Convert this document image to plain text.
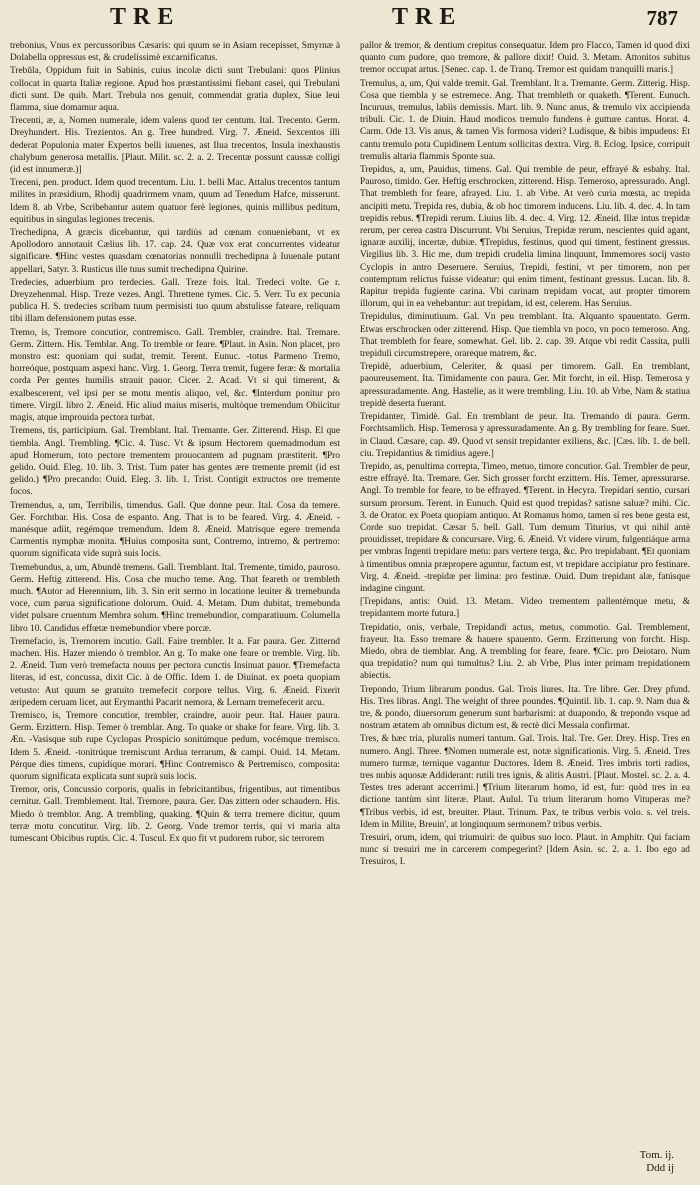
TRE	TRE	787

trebonius, Vnus ex percussoribus Cæsaris: qui quum se in Asiam recepisset, Smyrnæ à Dolabella oppressus est, & crudelissimè excarnificatus.

Trebŭla, Oppidum fuit in Sabinis, cuius incolæ dicti sunt Trebulani: quos Plinius collocat in quarta Italiæ regione. Apud hos præstantissimi fiebant casei, qui Trebulani dicti sunt. De quib. Mart. Trebula nos genuit, commendat gratia duplex, Siue leui flamma, siue domamur aqua.

Trecenti, æ, a, Nomen numerale, idem valens quod ter centum. Ital. Trecento. Germ. Dreyhundert. His. Trezientos. An g. Tree hundred. Virg. 7. Æneid. Sexcentos illi dederat Populonia mater Expertos belli iuuenes, ast Ilua trecentos, Insula inexhaustis chalybum generosa metallis. [Plaut. Milit. sc. 2. a. 2. Trecentæ possunt caussæ colligi (id est innumeræ.)]

Treceni, pen. product. Idem quod trecentum. Liu. 1. belli Mac. Attalus trecentos tantum milites in præsidium, Rhodij quadrirmem vnam, quum ad Tenedum Hafce, misserunt. Idem 8. ab Vrbe, Scribebantur autem quatuor ferè legiones, quinis millibus peditum, equitibus in singulas legiones trecenis.

Trechedipna, A græcis dicebantur, qui tardiùs ad cœnam conueniebant, vt ex Apollodoro annotauit Cælius lib. 17. cap. 24. Quæ vox erat concurrentes videatur significare. ¶Hinc vestes quasdam cœnatorias nonnulli trechedipna à Iuuenale putant appellari, Satyr. 3. Rusticus ille tuus sumit trechedipna Quirine.

Tredecies, aduerbium pro terdecies. Gall. Treze fois. Ital. Tredeci volte. Ge r. Dreyzehenmal. Hisp. Treze vezes. Angl. Threttene tymes. Cic. 5. Verr. Tu ex pecunia publica H. S. tredecies scribam tuum permisisti tuo quum abstulisse fateare, reliquam tibi illam defensionem putas esse.

Tremo, is, Tremore concutior, contremisco. Gall. Trembler, craindre. Ital. Tremare. Germ. Zittern. His. Temblar. Ang. To tremble or feare. ¶Plaut. in Asin. Non placet, pro monstro est: quoniam qui sudat, tremit. Terent. Eunuc. -totus Parmeno Tremo, horreóque, postquam aspexi hanc. Virg. 1. Georg. Terra tremit, fugere feræ: & mortalia corda Per gentes humilis strauit pauor. Cicer. 2. Acad. Vt si qui timerent, & exalbescerent, vel ipsi per se motu mentis aliquo, vel, &c. ¶Interdum ponitur pro timere. Virgil. libro 2. Æneid. Hic aliud maius miseris, multòque tremendum Obiicitur magis, atque improuida pectora turbat.

Tremens, tis, participium. Gal. Tremblant. Ital. Tremante. Ger. Zitterend. Hisp. El que tiembla. Angl. Trembling. ¶Cic. 4. Tusc. Vt & ipsum Hectorem quemadmodum est apud Homerum, toto pectore trementem prouocantem ad pugnam præstiterit. ¶Pro gelido. Ouid. Eleg. 10. lib. 3. Trist. Tum pater has gentes ære tremente premit (id est gelido.) ¶Pro precando: Ouid. Eleg. 3. lib. 1. Trist. Contigit extructos ore tremente focos.

Tremendus, a, um, Terribilis, timendus. Gall. Que donne peur. Ital. Cosa da temere. Ger. Forchtbar. His. Cosa de espanto. Ang. That is to be feared. Virg. 4. Æneid. -manésque adiit, regémque tremendum. Idem 8. Æneid. Matrísque egere tremenda Carmentis nymphæ monita. ¶Huius composita sunt, Contremo, intremo, & pertremo: quorum significata vide suprà suis locis.

Tremebundus, a, um, Abundè tremens. Gall. Tremblant. Ital. Tremente, timido, pauroso. Germ. Heftig zitterend. His. Cosa che mucho teme. Ang. That feareth or trembleth much. ¶Autor ad Herennium, lib. 3. Sin erit sermo in locatione leuiter & tremebunda voce, cum parua significatione dolorum. Ouid. 4. Metam. Dum dubitat, tremebunda videt pulsare cruentum Membra solum. ¶Hinc tremebundior, comparatiuum. Columella libro 10. Candidus effœtæ tremebundior vbere porcæ.

Tremefacio, is, Tremorem incutio. Gall. Faire trembler. It a. Far paura. Ger. Zitternd machen. His. Hazer miendo ò tremblor. An g. To make one feare or tremble. Virg. lib. 2. Æneid. Tum verò tremefacta nouus per pectora cunctis Insinuat pauor. ¶Tremefacta literas, id est, concussa, dixit Cic. à de Offic. Idem 1. de Diuinat. ex poeta quopiam vetusto: Aut quum se gratuito tremefecit corpore tellus. Virg. 6. Æneid. Fixerit æripedem ceruam licet, aut Erymanthi Pacarit nemora, & Lernam tremefecerit arcu.

Tremisco, is, Tremore concutior, trembler, craindre, auoir peur. Ital. Hauer paura. Germ. Erzittern. Hisp. Temer ò tremblar. Ang. To quake or shake for feare. Virg. lib. 3. Æn. -Vasisque sub rupe Cyclopas Prospicio sonitúmque pedum, vocémque tremisco. Idem 5. Æneid. -tonitrúque tremiscunt Ardua terrarum, & campi. Ouid. 14. Metam. Pérque dies timens, cupidíque morari. ¶Hinc Contremisco & Pertremisco, composita: quorum significata explicata sunt suprà suis locis.

Tremor, oris, Concussio corporis, qualis in febricitantibus, frigentibus, aut timentibus cernitur. Gall. Tremblement. Ital. Tremore, paura. Ger. Das zittern oder schaudern. His. Miedo ò tremblor. Ang. A trembling, quaking. ¶Quin & terra tremere dicitur, quum terræ motu concutitur. Virg. lib. 2. Georg. Vnde tremor terris, qui vi maria alta tumescant Obicibus ruptis. Cic. 4. Tuscul. Ex quo fit vt pudorem rubor, sic terrorem

pallor & tremor, & dentium crepitus consequatur. Idem pro Flacco, Tamen id quod dixi quanto cum pudore, quo tremore, & pallore dixit! Ouid. 3. Metam. Attonitos subitus tremor occupat artus. [Senec. cap. 1. de Tranq. Tremor est quidam tranquilli maris.]

Tremulus, a, um, Qui valde tremit. Gal. Tremblant. It a. Tremante. Germ. Zitterig. Hisp. Cosa que tiembla y se estremece. Ang. That trembleth or quaketh. ¶Terent. Eunuch. Incuruus, tremulus, labiis demissis. Mart. lib. 9. Nunc anus, & tremulo vix accipienda tribuli. Cic. 1. de Diuin. Haud modicos tremulo fundens è gutture cantus. Horat. 4. Carm. Ode 13. Vis anus, & tamen Vis formosa videri? Ludisque, & bibis impudens: Et cantu tremulo pota Cupidinem Lentum sollicitas dextra. Virg. 8. Eclog. Ipsice, corripuit tremulis altaria flammis Sponte sua.

Trepidus, a, um, Pauidus, timens. Gal. Qui tremble de peur, effrayé & esbahy. Ital. Pauroso, timido. Ger. Heftig erschrocken, zitterend. Hisp. Temeroso, apressurado. Angl. That trembleth for feare, afrayed. Liu. 1. ab Vrbe. At verò curia mœsta, ac trepida ancipiti metu. Trepida res, dubia, & ob hoc timorem inducens. Liu. lib. 4. dec. 4. In tam trepidis rebus. ¶Trepidi rerum. Liuius lib. 4. dec. 4. Virg. 12. Æneid. Illæ intus trepidæ rerum, per cerea castra Discurrunt. Vbi Seruius, Trepidæ rerum, nescientes quid agant, ignaræ auxilij, incertæ, dubiæ. ¶Trepidus, festinus, quod qui timent, festinent gressus. Virgilius lib. 3. Hic me, dum trepidi crudelia limina linquunt, Immemores socij vasto Cyclopis in antro Deseruere. Seruius, Trepidi, festini, vt per timorem, non per contemptum relictus fuisse videatur: qui enim timent, festinant gressus. Lucan. lib. 8. Rapitur trepida fugiente carina. Vbi carinam trepidam vocat, aut propter timorem illorum, qui in ea vehebantur: aut trepidam, id est, celerem. Has Seruius.

Trepidulus, diminutiuum. Gal. Vn peu tremblant. Ita. Alquanto spauentato. Germ. Etwas erschrocken oder zitterend. Hisp. Que tiembla vn poco, vn poco temeroso. Ang. That trembleth for feare, somewhat. Gel. lib. 2. cap. 39. Atque vbi redit Cassita, pulli trepiduli circumstrepere, orareque matrem, &c.

Trepidè, aduerbium, Celeriter, & quasi per timorem. Gall. En tremblant, paoureusement. Ita. Timidamente con paura. Ger. Mit forcht, in eil. Hisp. Temerosa y apressuradamente. Ang. Hastelie, as it were trembling. Liu. 10. ab Vrbe, Nam & statiua trepidè deserta fuerant.

Trepidanter, Timidè. Gal. En tremblant de peur. Ita. Tremando di paura. Germ. Forchtsamlich. Hisp. Temerosa y apressuradamente. An g. By trembling for feare. Suet. in Claud. Cæsare, cap. 49. Quod vt sensit trepidanter exiliens, &c. [Cæs. lib. 1. de bell. ciu. Trepidantius & timidius agere.]

Trepido, as, penultima correpta, Timeo, metuo, timore concutior. Gal. Trembler de peur, estre effrayé. Ita. Tremare. Ger. Sich grosser forcht erzittern. His. Temer, apressurarse. Angl. To tremble for feare, to be effrayed. ¶Terent. in Hecyra. Trepidari sentio, cursari sursum prorsum. Terent. in Eunuch. Quid est quod trepidas? satisne saluæ? mihi. Cic. 3. de Orator. ex Poeta quopiam antiquo. At Romanus homo, tamen si res bene gesta est, Corde suo trepidat. Cæsar 5. bell. Gall. Tum demum Titurius, vt qui nihil antè prouidisset, trepidare & concursare. Virg. 6. Æneid. Vt videre virum, fulgentiáque arma per vmbras Ingenti trepidare metu: pars vertere terga, &c. Pro trepidabant. ¶Et quoniam à timentibus omnia præpropere aguntur, factum est, vt trepidare accipiatur pro festinare. Virg. 4. Æneid. -trepidæ per limina: pro festinæ. Ouid. Dum trepidant alæ, fatúsque indagine cingunt.

[Trepidans, antis: Ouid. 13. Metam. Video trementem pallentémque metu, & trepidantem morte futura.]

Trepidatio, onis, verbale, Trepidandi actus, metus, commotio. Gal. Tremblement, frayeur. Ita. Esso tremare & hauere spauento. Germ. Erzitterung von forcht. Hisp. Miedo, obra de tiemblar. Ang. A trembling for feare, feare. ¶Cic. pro Deiotaro. Num qua trepidatio? num qui tumultus? Liu. 2. ab Vrbe, Plus inter primam trepidationem abiectis.

Trepondo, Trium librarum pondus. Gal. Trois liures. Ita. Tre libre. Ger. Drey pfund. His. Tres libras. Angl. The weight of three poundes. ¶Quintil. lib. 1. cap. 9. Nam dua & tre, & pondo, diuersorum generum sunt barbarismi: at duapondo, & trepondo vsque ad nostram ætatem ab omnibus dictum est, & rectè dici Messala confirmat.

Tres, & hæc tria, pluralis numeri tantum. Gal. Trois. Ital. Tre. Ger. Drey. Hisp. Tres en numero. Angl. Three. ¶Nomen numerale est, notæ significationis. Virg. 5. Æneid. Tres numero turmæ, ternique vagantur Ductores. Idem 8. Æneid. Tres imbris torti radios, tres nubis aquosæ Addiderant: rutili tres ignis, & alitis Austri. [Plaut. Mostel. sc. 2. a. 4. Testes tres aderant accerrimi.] ¶Trium literarum homo, id est, fur: quòd tres in ea dictione tantùm sint literæ. Plaut. Aulul. Tu trium literarum homo Vituperas me? ¶Tribus verbis, id est, breuiter. Plaut. Trinum. Pax, te tribus verbis volo. s. vel treis. Idem in Milite, Breuin', at longinquum sermonem? tribus verbis.

Tresuiri, orum, idem, qui triumuiri: de quibus suo loco. Plaut. in Amphitr. Qui faciam nunc si tresuiri me in carcerem compegerint? [Idem Asin. sc. 2. a. 1. Ibo ego ad Tresuiros, I.

Tom. ij.
Ddd ij
